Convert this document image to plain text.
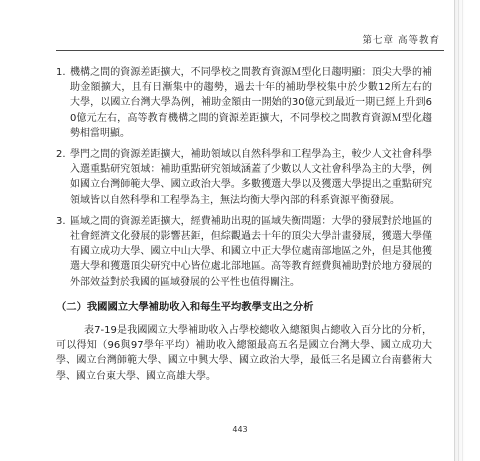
第七章 高等教育
1. 機構之間的資源差距擴大，不同學校之間教育資源Ｍ型化日趨明顯：頂尖大學的補助金額擴大，且有日漸集中的趨勢，過去十年的補助學校集中於少數12所左右的大學，以國立台灣大學為例，補助金額由一開始的30億元到最近一期已經上升到60億元左右，高等教育機構之間的資源差距擴大，不同學校之間教育資源Ｍ型化趨勢相當明顯。
2. 學門之間的資源差距擴大，補助領域以自然科學和工程學為主，較少人文社會科學入選重點研究領域：補助重點研究領域涵蓋了少數以人文社會科學為主的大學，例如國立台灣師範大學、國立政治大學。多數獲選大學以及獲選大學提出之重點研究領域皆以自然科學和工程學為主，無法均衡大學內部的科系資源平衡發展。
3. 區域之間的資源差距擴大，經費補助出現的區域失衡問題：大學的發展對於地區的社會經濟文化發展的影響甚鉅，但綜觀過去十年的頂尖大學計畫發展，獲選大學僅有國立成功大學、國立中山大學、和國立中正大學位處南部地區之外，但是其他獲選大學和獲選頂尖研究中心皆位處北部地區。高等教育經費與補助對於地方發展的外部效益對於我國的區域發展的公平性也值得關注。
（二）我國國立大學補助收入和每生平均教學支出之分析
表7-19是我國國立大學補助收入占學校總收入總額與占總收入百分比的分析，可以得知（96與97學年平均）補助收入總額最高五名是國立台灣大學、國立成功大學、國立台灣師範大學、國立中興大學、國立政治大學，最低三名是國立台南藝術大學、國立台東大學、國立高雄大學。
443
